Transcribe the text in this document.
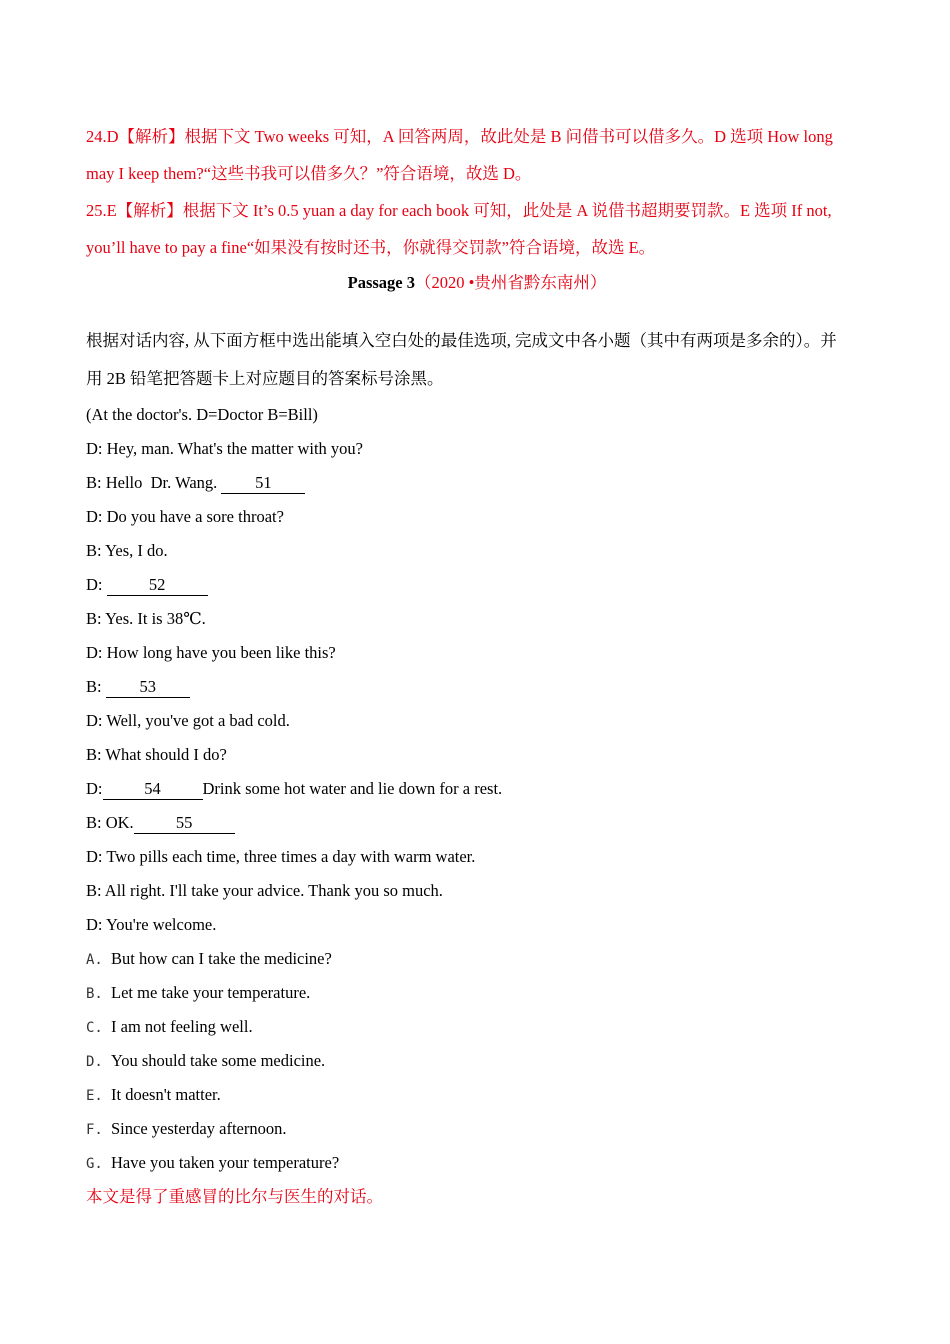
24.D【解析】根据下文 Two weeks 可知，A 回答两周，故此处是 B 问借书可以借多久。D 选项 How long

may I keep them?“这些书我可以借多久？”符合语境，故选 D。

25.E【解析】根据下文 It’s 0.5 yuan a day for each book 可知，此处是 A 说借书超期要罚款。E 选项 If not,

you’ll have to pay a fine“如果没有按时还书，你就得交罚款”符合语境，故选 E。

Passage 3（2020 •贵州省黔东南州）

根据对话内容, 从下面方框中选出能填入空白处的最佳选项, 完成文中各小题（其中有两项是多余的）。并
用 2B 铅笔把答题卡上对应题目的答案标号涂黑。

(At the doctor's. D=Doctor B=Bill)

D: Hey, man. What's the matter with you?

B: Hello  Dr. Wang. 51

D: Do you have a sore throat?

B: Yes, I do.

D:	52

B: Yes. It is 38℃.

D: How long have you been like this?

B: 53

D: Well, you've got a bad cold.

B: What should I do?

D:	54	Drink some hot water and lie down for a rest.

B: OK.	55

D: Two pills each time, three times a day with warm water.

B: All right. I'll take your advice. Thank you so much.

D: You're welcome.

A. But how can I take the medicine?

B. Let me take your temperature.

C. I am not feeling well.

D. You should take some medicine.

E. It doesn't matter.

F. Since yesterday afternoon.

G. Have you taken your temperature?

本文是得了重感冒的比尔与医生的对话。
